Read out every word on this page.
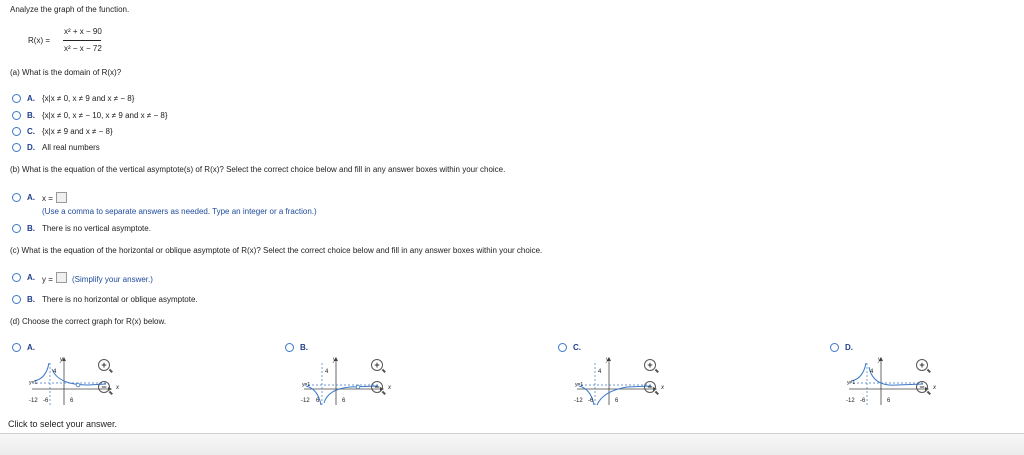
Analyze the graph of the function.
R(x) =
x² + x − 90
x² − x − 72
(a) What is the domain of R(x)?
A. {x|x ≠ 0, x ≠ 9 and x ≠ − 8}
B. {x|x ≠ 0, x ≠ − 10, x ≠ 9 and x ≠ − 8}
C. {x|x ≠ 9 and x ≠ − 8}
D. All real numbers
(b) What is the equation of the vertical asymptote(s) of R(x)? Select the correct choice below and fill in any answer boxes within your choice.
A. x =
(Use a comma to separate answers as needed. Type an integer or a fraction.)
B. There is no vertical asymptote.
(c) What is the equation of the horizontal or oblique asymptote of R(x)? Select the correct choice below and fill in any answer boxes within your choice.
A. y = (Simplify your answer.)
B. There is no horizontal or oblique asymptote.
(d) Choose the correct graph for R(x) below.
A.
y
x
4
y=1
-12 -6	6
+
−
B.
y
x
4
y=1
-12 6	6
+
−
C.
y
x
4
y=1
-12 -6	6
+
−
D.
y
x
4
y=1
-12 -6	6
+
−
Click to select your answer.
